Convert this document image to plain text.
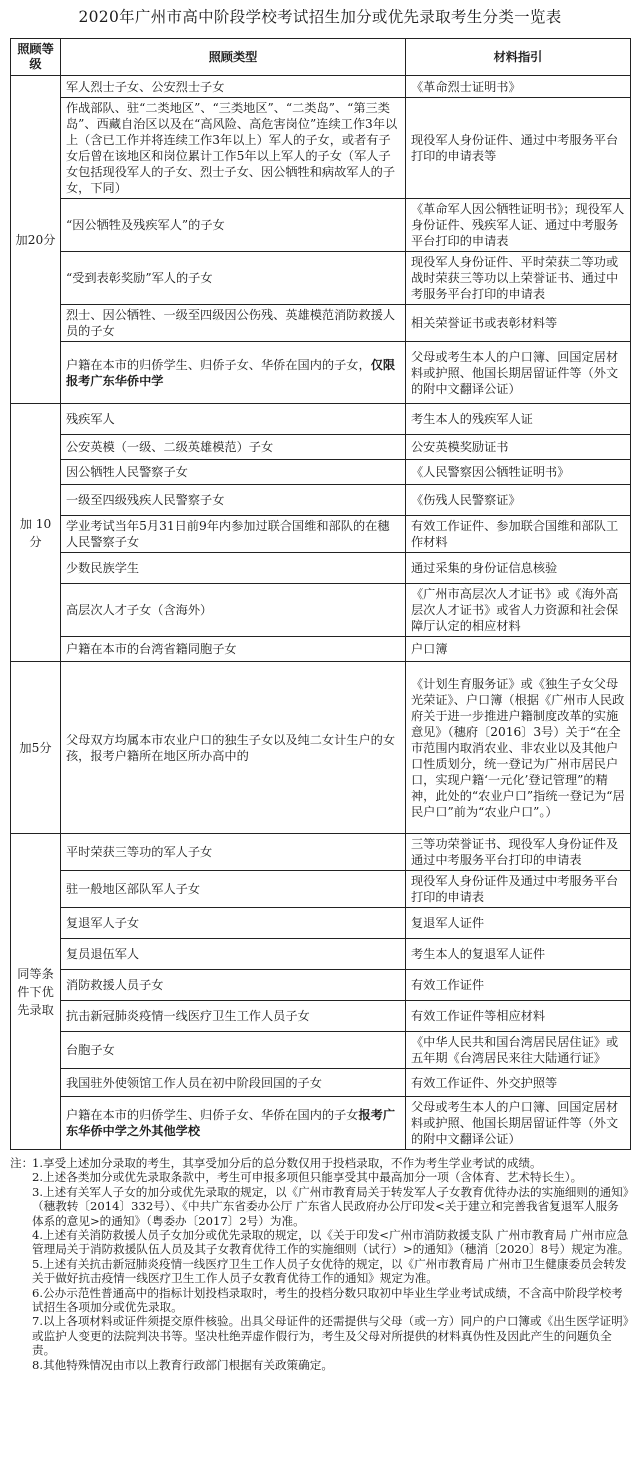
2020年广州市高中阶段学校考试招生加分或优先录取考生分类一览表
照顾等级	照顾类型	材料指引
加20分	军人烈士子女、公安烈士子女	《革命烈士证明书》
	作战部队、驻“二类地区”、“三类地区”、“二类岛”、“第三类岛”、西藏自治区以及在“高风险、高危害岗位”连续工作3年以上（含已工作并将连续工作3年以上）军人的子女，或者有子女后曾在该地区和岗位累计工作5年以上军人的子女（军人子女包括现役军人的子女、烈士子女、因公牺牲和病故军人的子女，下同）	现役军人身份证件、通过中考服务平台打印的申请表等
	“因公牺牲及残疾军人”的子女	《革命军人因公牺牲证明书》；现役军人身份证件、残疾军人证、通过中考服务平台打印的申请表
	“受到表彰奖励”军人的子女	现役军人身份证件、平时荣获二等功或战时荣获三等功以上荣誉证书、通过中考服务平台打印的申请表
	烈士、因公牺牲、一级至四级因公伤残、英雄模范消防救援人员的子女	相关荣誉证书或表彰材料等
	户籍在本市的归侨学生、归侨子女、华侨在国内的子女，仅限报考广东华侨中学	父母或考生本人的户口簿、回国定居材料或护照、他国长期居留证件等（外文的附中文翻译公证）
加 10 分	残疾军人	考生本人的残疾军人证
	公安英模（一级、二级英雄模范）子女	公安英模奖励证书
	因公牺牲人民警察子女	《人民警察因公牺牲证明书》
	一级至四级残疾人民警察子女	《伤残人民警察证》
	学业考试当年5月31日前9年内参加过联合国维和部队的在穗人民警察子女	有效工作证件、参加联合国维和部队工作材料
	少数民族学生	通过采集的身份证信息核验
	高层次人才子女（含海外）	《广州市高层次人才证书》或《海外高层次人才证书》或省人力资源和社会保障厅认定的相应材料
	户籍在本市的台湾省籍同胞子女	户口簿
加5分	父母双方均属本市农业户口的独生子女以及纯二女计生户的女孩，报考户籍所在地区所办高中的	《计划生育服务证》或《独生子女父母光荣证》、户口簿（根据《广州市人民政府关于进一步推进户籍制度改革的实施意见》（穗府〔2016〕3号）关于“在全市范围内取消农业、非农业以及其他户口性质划分，统一登记为广州市居民户口，实现户籍‘一元化’登记管理”的精神，此处的“农业户口”指统一登记为“居民户口”前为“农业户口”。）
同等条件下优先录取	平时荣获三等功的军人子女	三等功荣誉证书、现役军人身份证件及通过中考服务平台打印的申请表
	驻一般地区部队军人子女	现役军人身份证件及通过中考服务平台打印的申请表
	复退军人子女	复退军人证件
	复员退伍军人	考生本人的复退军人证件
	消防救援人员子女	有效工作证件
	抗击新冠肺炎疫情一线医疗卫生工作人员子女	有效工作证件等相应材料
	台胞子女	《中华人民共和国台湾居民居住证》或五年期《台湾居民来往大陆通行证》
	我国驻外使领馆工作人员在初中阶段回国的子女	有效工作证件、外交护照等
	户籍在本市的归侨学生、归侨子女、华侨在国内的子女报考广东华侨中学之外其他学校	父母或考生本人的户口簿、回国定居材料或护照、他国长期居留证件等（外文的附中文翻译公证）
注：
1.享受上述加分录取的考生，其享受加分后的总分数仅用于投档录取，不作为考生学业考试的成绩。
2.上述各类加分或优先录取条款中，考生可申报多项但只能享受其中最高加分一项（含体育、艺术特长生）。
3.上述有关军人子女的加分或优先录取的规定，以《广州市教育局关于转发军人子女教育优待办法的实施细则的通知》（穗教转〔2014〕332号）、《中共广东省委办公厅 广东省人民政府办公厅印发<关于建立和完善我省复退军人服务体系的意见>的通知》（粤委办〔2017〕2号）为准。
4.上述有关消防救援人员子女加分或优先录取的规定，以《关于印发<广州市消防救援支队 广州市教育局 广州市应急管理局关于消防救援队伍人员及其子女教育优待工作的实施细则（试行）>的通知》（穗消〔2020〕8号）规定为准。
5.上述有关抗击新冠肺炎疫情一线医疗卫生工作人员子女优待的规定，以《广州市教育局 广州市卫生健康委员会转发关于做好抗击疫情一线医疗卫生工作人员子女教育优待工作的通知》规定为准。
6.公办示范性普通高中的指标计划投档录取时，考生的投档分数只取初中毕业生学业考试成绩，不含高中阶段学校考试招生各项加分或优先录取。
7.以上各项材料或证件须提交原件核验。出具父母证件的还需提供与父母（或一方）同户的户口簿或《出生医学证明》或监护人变更的法院判决书等。坚决杜绝弄虚作假行为，考生及父母对所提供的材料真伪性及因此产生的问题负全责。
8.其他特殊情况由市以上教育行政部门根据有关政策确定。
